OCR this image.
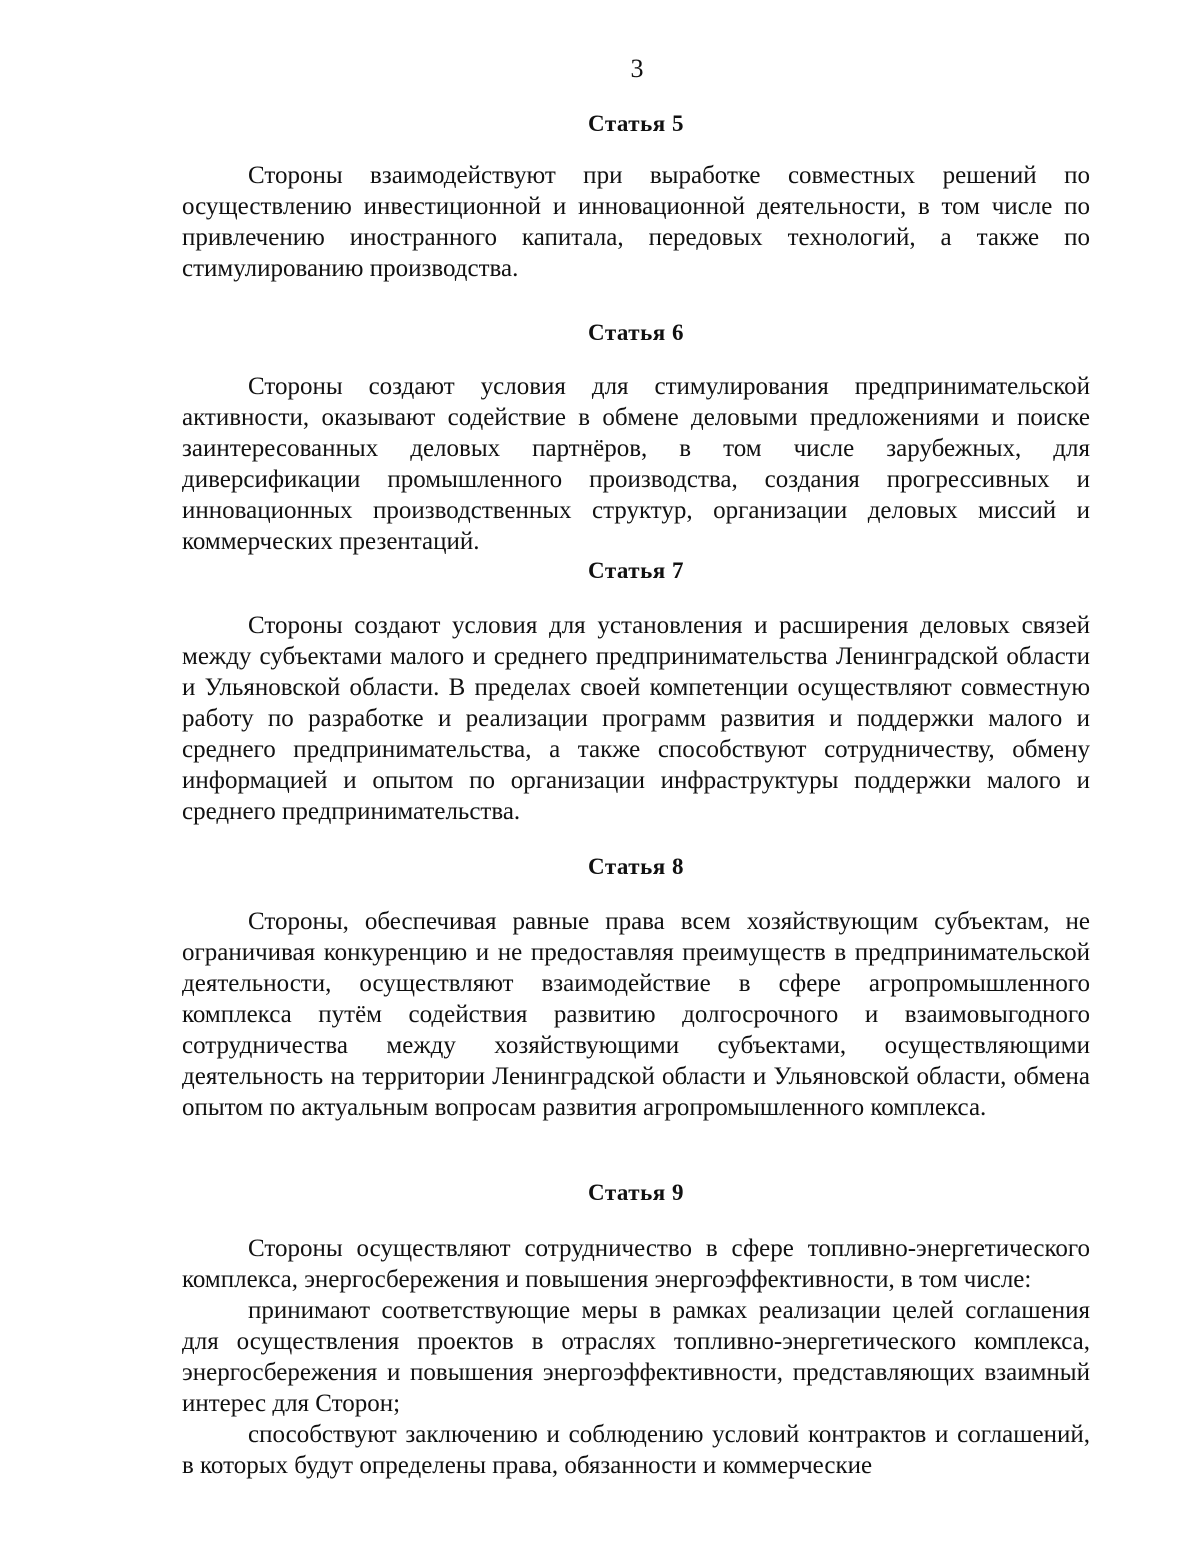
3
Статья 5

Стороны взаимодействуют при выработке совместных решений по осуществлению инвестиционной и инновационной деятельности, в том числе по привлечению иностранного капитала, передовых технологий, а также по стимулированию производства.

Статья 6

Стороны создают условия для стимулирования предпринимательской активности, оказывают содействие в обмене деловыми предложениями и поиске заинтересованных деловых партнёров, в том числе зарубежных, для диверсификации промышленного производства, создания прогрессивных и инновационных производственных структур, организации деловых миссий и коммерческих презентаций.

Статья 7

Стороны создают условия для установления и расширения деловых связей между субъектами малого и среднего предпринимательства Ленинградской области и Ульяновской области. В пределах своей компетенции осуществляют совместную работу по разработке и реализации программ развития и поддержки малого и среднего предпринимательства, а также способствуют сотрудничеству, обмену информацией и опытом по организации инфраструктуры поддержки малого и среднего предпринимательства.

Статья 8

Стороны, обеспечивая равные права всем хозяйствующим субъектам, не ограничивая конкуренцию и не предоставляя преимуществ в предпринимательской деятельности, осуществляют взаимодействие в сфере агропромышленного комплекса путём содействия развитию долгосрочного и взаимовыгодного сотрудничества между хозяйствующими субъектами, осуществляющими деятельность на территории Ленинградской области и Ульяновской области, обмена опытом по актуальным вопросам развития агропромышленного комплекса.

Статья 9

Стороны осуществляют сотрудничество в сфере топливно-энергетического комплекса, энергосбережения и повышения энергоэффективности, в том числе:

принимают соответствующие меры в рамках реализации целей соглашения для осуществления проектов в отраслях топливно-энергетического комплекса, энергосбережения и повышения энергоэффективности, представляющих взаимный интерес для Сторон;

способствуют заключению и соблюдению условий контрактов и соглашений, в которых будут определены права, обязанности и коммерческие
